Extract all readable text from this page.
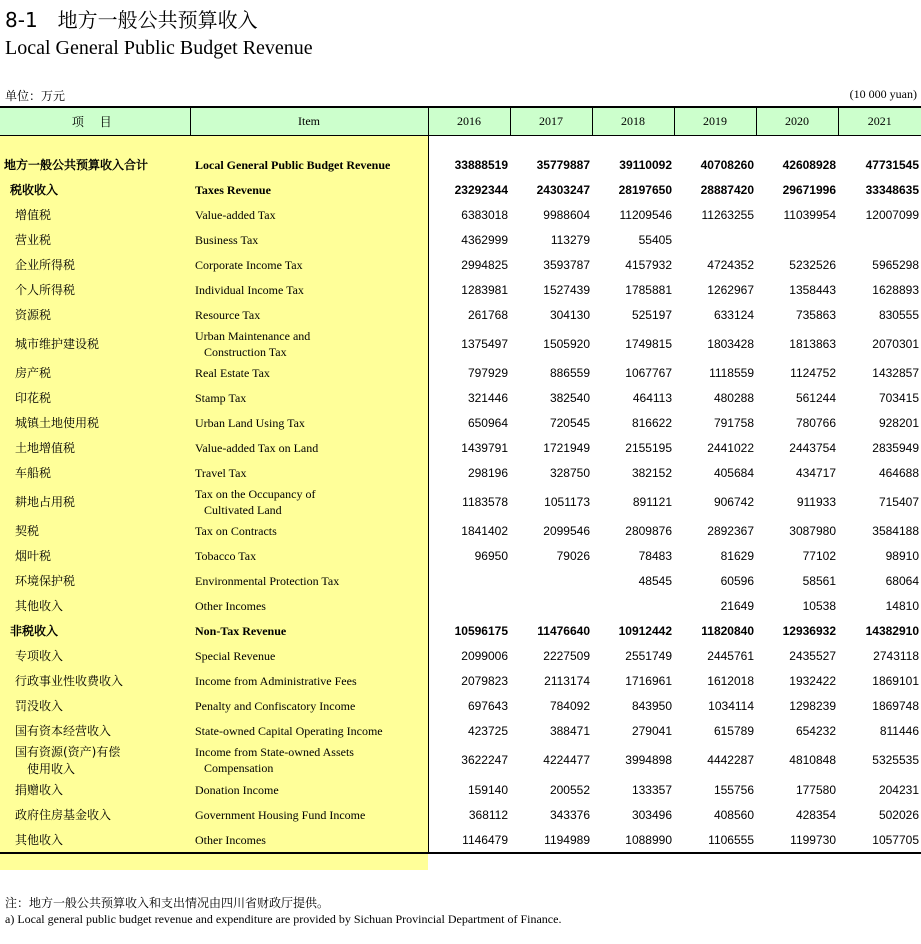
8-1　地方一般公共预算收入
Local General Public Budget Revenue
单位：万元	(10 000 yuan)
项 目	Item	2016	2017	2018	2019	2020	2021

地方一般公共预算收入合计	Local General Public Budget Revenue	33888519	35779887	39110092	40708260	42608928	47731545
税收收入	Taxes Revenue	23292344	24303247	28197650	28887420	29671996	33348635
增值税	Value-added Tax	6383018	9988604	11209546	11263255	11039954	12007099
营业税	Business Tax	4362999	113279	55405			
企业所得税	Corporate Income Tax	2994825	3593787	4157932	4724352	5232526	5965298
个人所得税	Individual Income Tax	1283981	1527439	1785881	1262967	1358443	1628893
资源税	Resource Tax	261768	304130	525197	633124	735863	830555
城市维护建设税	Urban Maintenance and
Construction Tax	1375497	1505920	1749815	1803428	1813863	2070301
房产税	Real Estate Tax	797929	886559	1067767	1118559	1124752	1432857
印花税	Stamp Tax	321446	382540	464113	480288	561244	703415
城镇土地使用税	Urban Land Using Tax	650964	720545	816622	791758	780766	928201
土地增值税	Value-added Tax on Land	1439791	1721949	2155195	2441022	2443754	2835949
车船税	Travel Tax	298196	328750	382152	405684	434717	464688
耕地占用税	Tax on the Occupancy of
Cultivated Land	1183578	1051173	891121	906742	911933	715407
契税	Tax on Contracts	1841402	2099546	2809876	2892367	3087980	3584188
烟叶税	Tobacco Tax	96950	79026	78483	81629	77102	98910
环境保护税	Environmental Protection Tax			48545	60596	58561	68064
其他收入	Other Incomes				21649	10538	14810
非税收入	Non-Tax Revenue	10596175	11476640	10912442	11820840	12936932	14382910
专项收入	Special Revenue	2099006	2227509	2551749	2445761	2435527	2743118
行政事业性收费收入	Income from Administrative Fees	2079823	2113174	1716961	1612018	1932422	1869101
罚没收入	Penalty and Confiscatory Income	697643	784092	843950	1034114	1298239	1869748
国有资本经营收入	State-owned Capital Operating Income	423725	388471	279041	615789	654232	811446
国有资源(资产)有偿
使用收入	Income from State-owned Assets
Compensation	3622247	4224477	3994898	4442287	4810848	5325535
捐赠收入	Donation Income	159140	200552	133357	155756	177580	204231
政府住房基金收入	Government Housing Fund Income	368112	343376	303496	408560	428354	502026
其他收入	Other Incomes	1146479	1194989	1088990	1106555	1199730	1057705
注：地方一般公共预算收入和支出情况由四川省财政厅提供。
a) Local general public budget revenue and expenditure are provided by Sichuan Provincial Department of Finance.
